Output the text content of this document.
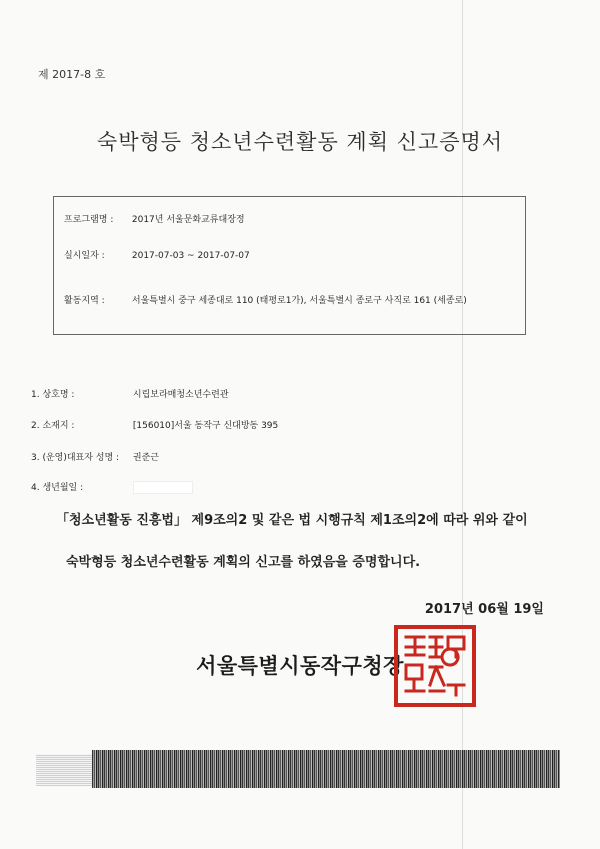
제 2017-8 호
숙박형등 청소년수련활동 계획 신고증명서
프로그램명 : 2017년 서울문화교류대장정
실시일자 :	2017-07-03 ~ 2017-07-07
활동지역 :	서울특별시 중구 세종대로 110 (태평로1가), 서울특별시 종로구 사직로 161 (세종로)
1. 상호명 :	시립보라매청소년수련관
2. 소재지 :	[156010]서울 동작구 신대방동 395
3. (운영)대표자 성명 : 권준근
4. 생년월일 :
「청소년활동 진흥법」 제9조의2 및 같은 법 시행규칙 제1조의2에 따라 위와 같이
숙박형등 청소년수련활동 계획의 신고를 하였음을 증명합니다.
2017년 06월 19일
서울특별시동작구청장
